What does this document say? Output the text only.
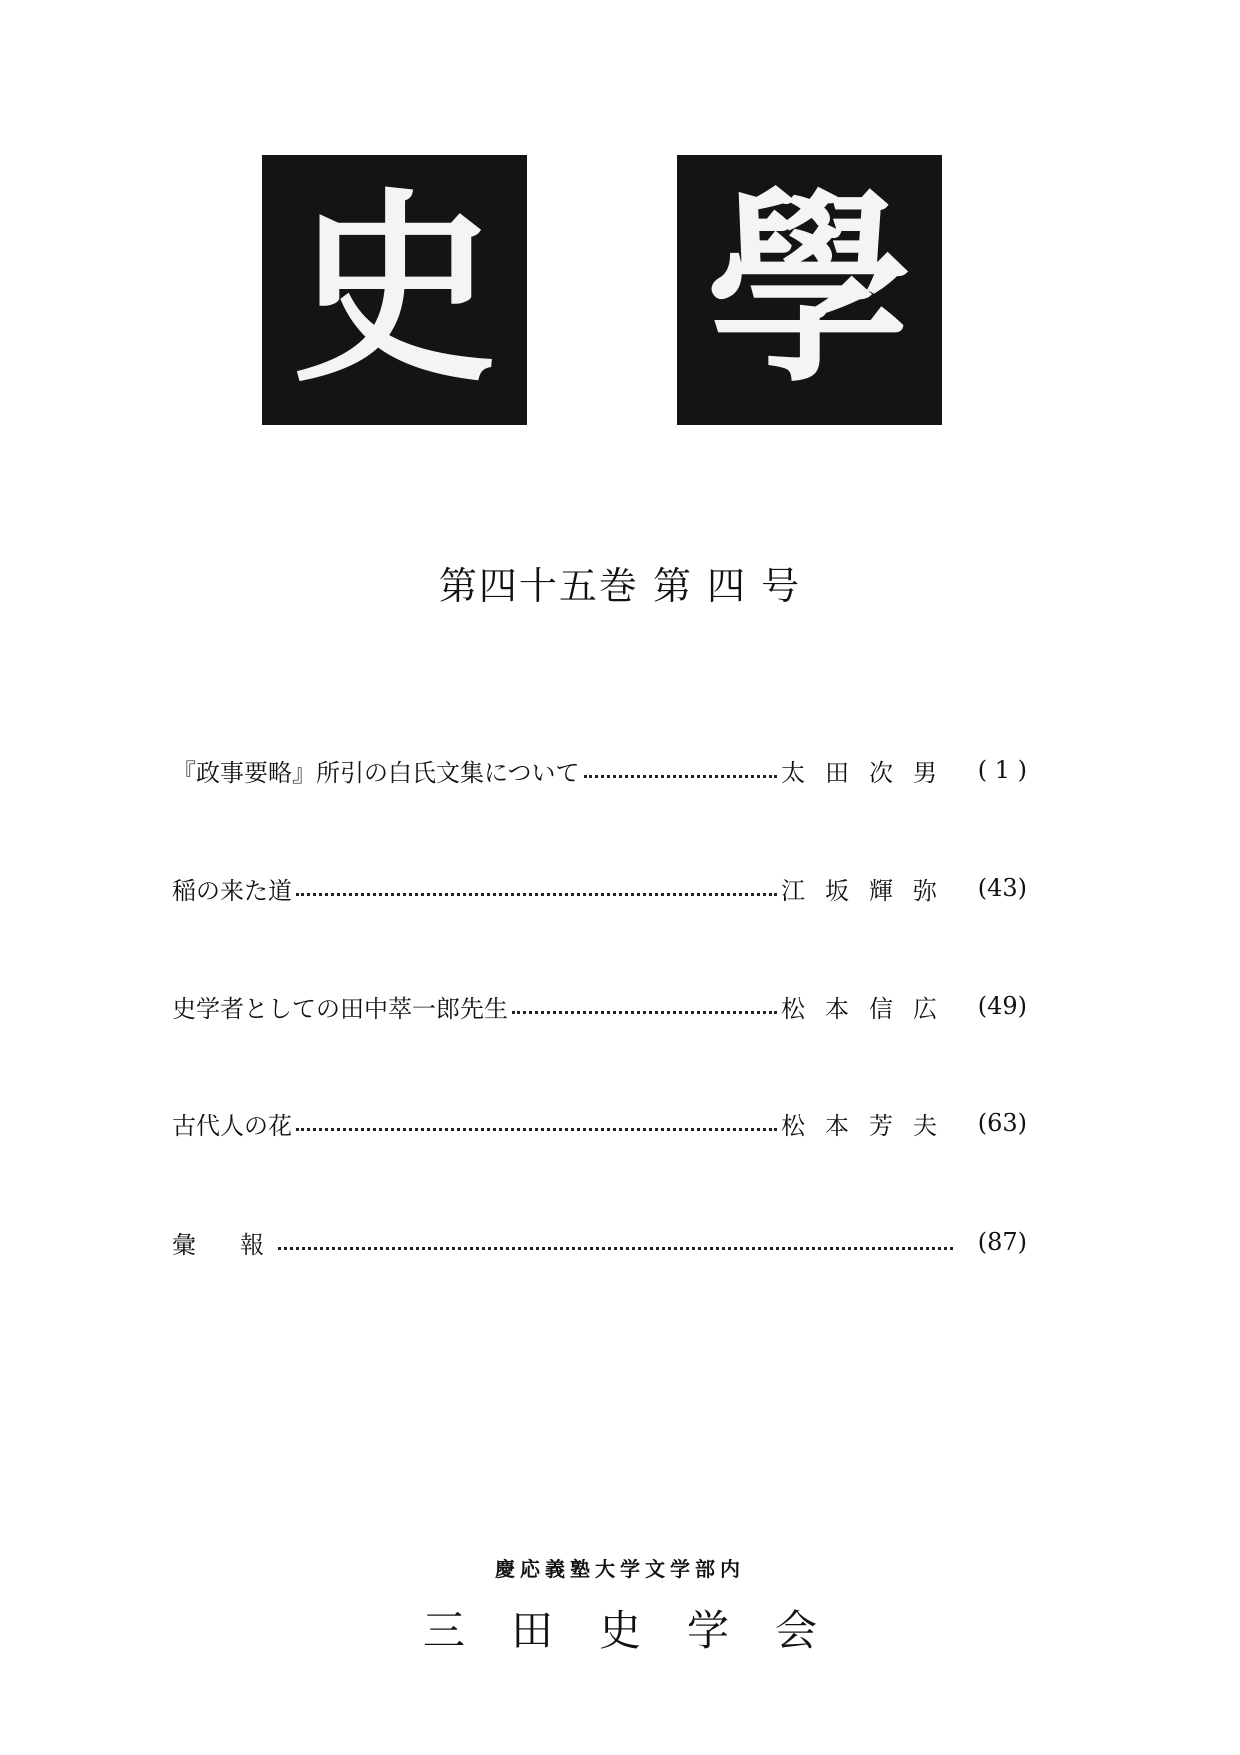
史 學
第四十五巻 第 四 号
『政事要略』所引の白氏文集について	太田次男 ( 1 )
稲の来た道	江坂輝弥 (43)
史学者としての田中萃一郎先生	松本信広 (49)
古代人の花	松本芳夫 (63)
彙　報	(87)
慶応義塾大学文学部内
三田史学会
